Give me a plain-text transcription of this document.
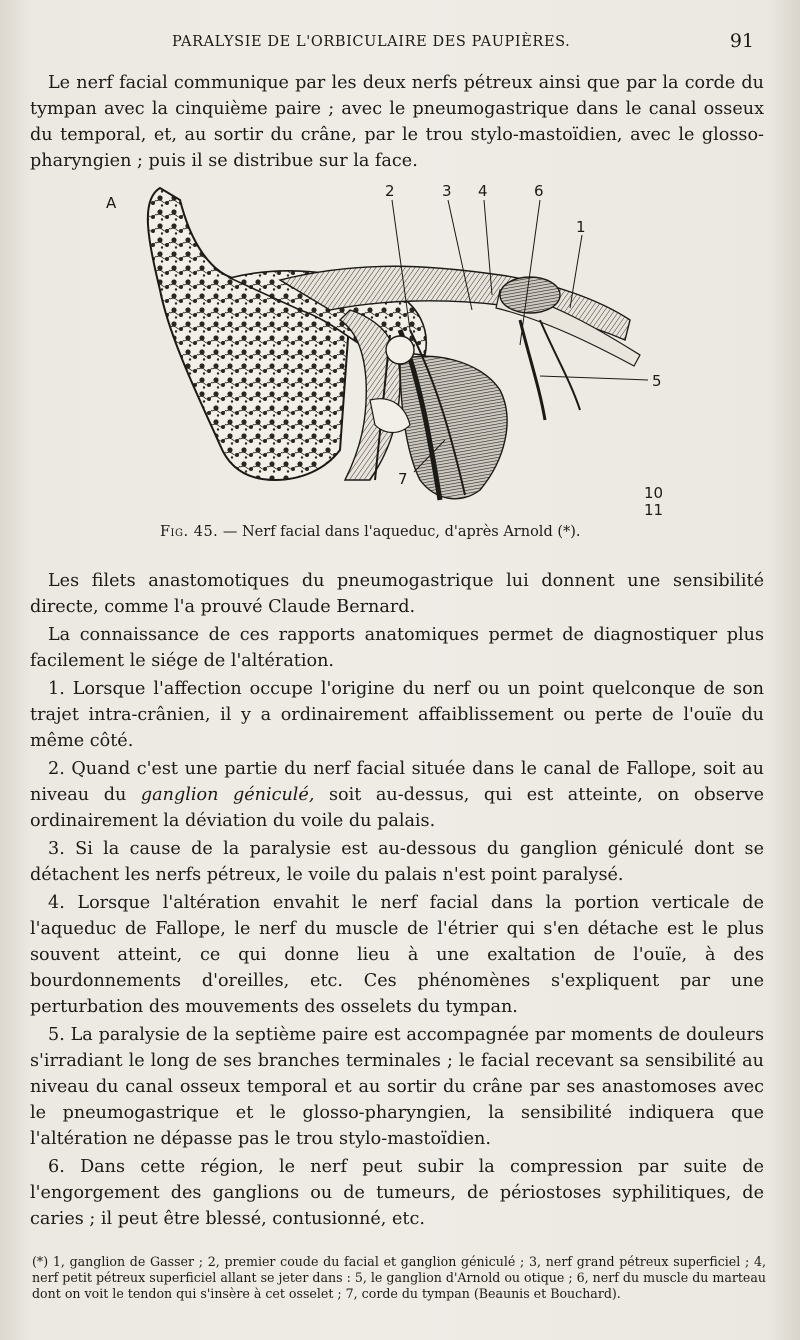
PARALYSIE DE L'ORBICULAIRE DES PAUPIÈRES.	91

Le nerf facial communique par les deux nerfs pétreux ainsi que par la corde du tympan avec la cinquième paire ; avec le pneumogastrique dans le canal osseux du temporal, et, au sortir du crâne, par le trou stylo-mastoïdien, avec le glosso-pharyngien ; puis il se distribue sur la face.

A
2	3 4	6
1
5
7
10
11
Fig. 45. — Nerf facial dans l'aqueduc, d'après Arnold (*).

Les filets anastomotiques du pneumogastrique lui donnent une sensibilité directe, comme l'a prouvé Claude Bernard.

La connaissance de ces rapports anatomiques permet de diagnostiquer plus facilement le siége de l'altération.

1. Lorsque l'affection occupe l'origine du nerf ou un point quelconque de son trajet intra-crânien, il y a ordinairement affaiblissement ou perte de l'ouïe du même côté.

2. Quand c'est une partie du nerf facial située dans le canal de Fallope, soit au niveau du ganglion géniculé, soit au-dessus, qui est atteinte, on observe ordinairement la déviation du voile du palais.

3. Si la cause de la paralysie est au-dessous du ganglion géniculé dont se détachent les nerfs pétreux, le voile du palais n'est point paralysé.

4. Lorsque l'altération envahit le nerf facial dans la portion verticale de l'aqueduc de Fallope, le nerf du muscle de l'étrier qui s'en détache est le plus souvent atteint, ce qui donne lieu à une exaltation de l'ouïe, à des bourdonnements d'oreilles, etc. Ces phénomènes s'expliquent par une perturbation des mouvements des osselets du tympan.

5. La paralysie de la septième paire est accompagnée par moments de douleurs s'irradiant le long de ses branches terminales ; le facial recevant sa sensibilité au niveau du canal osseux temporal et au sortir du crâne par ses anastomoses avec le pneumogastrique et le glosso-pharyngien, la sensibilité indiquera que l'altération ne dépasse pas le trou stylo-mastoïdien.

6. Dans cette région, le nerf peut subir la compression par suite de l'engorgement des ganglions ou de tumeurs, de périostoses syphilitiques, de caries ; il peut être blessé, contusionné, etc.

(*) 1, ganglion de Gasser ; 2, premier coude du facial et ganglion géniculé ; 3, nerf grand pétreux superficiel ; 4, nerf petit pétreux superficiel allant se jeter dans : 5, le ganglion d'Arnold ou otique ; 6, nerf du muscle du marteau dont on voit le tendon qui s'insère à cet osselet ; 7, corde du tympan (Beaunis et Bouchard).
